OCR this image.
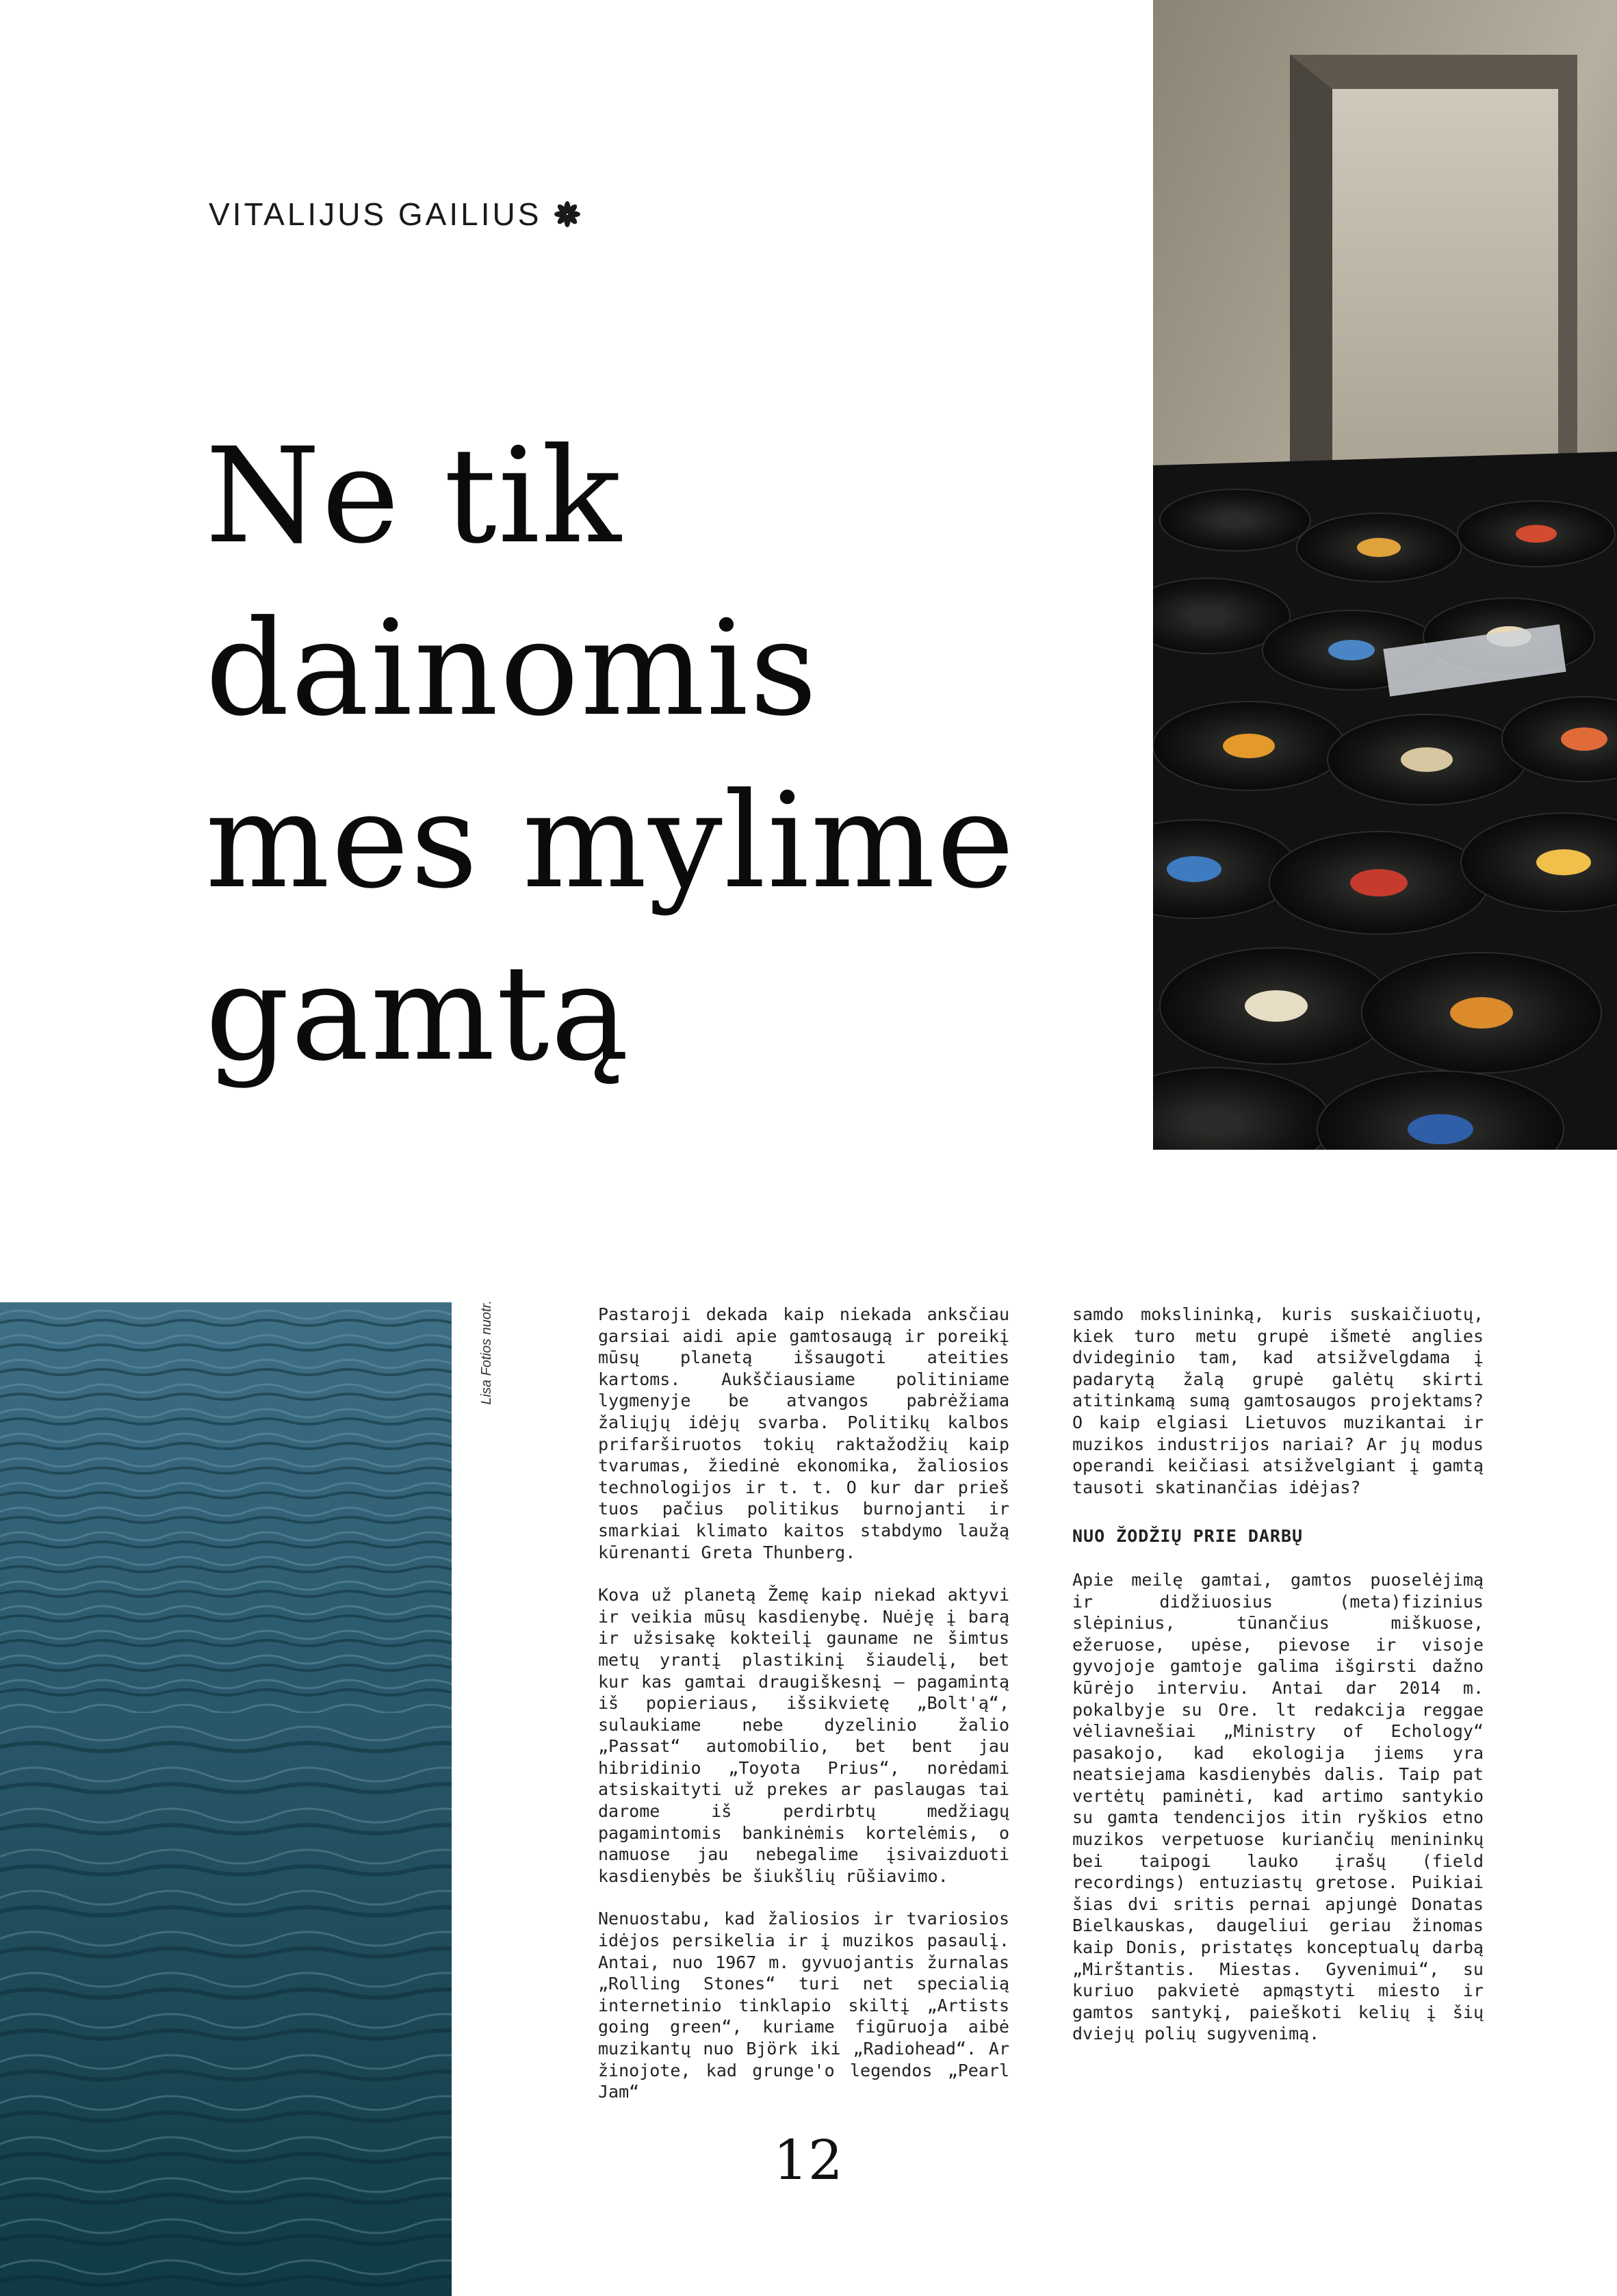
VITALIJUS GAILIUS
Ne tik
dainomis
mes mylime
gamtą
Lisa Fotios nuotr.	Pastaroji dekada kaip niekada anksčiau garsiai aidi apie gamtosaugą ir poreikį mūsų planetą išsaugoti ateities kartoms. Aukščiausiame politiniame lygmenyje be atvangos pabrėžiama žaliųjų idėjų svarba. Politikų kalbos prifarširuotos tokių raktažodžių kaip tvarumas, žiedinė ekonomika, žaliosios technologijos ir t. t. O kur dar prieš tuos pačius politikus burnojanti ir smarkiai klimato kaitos stabdymo laužą kūrenanti Greta Thunberg.

Kova už planetą Žemę kaip niekad aktyvi ir veikia mūsų kasdienybę. Nuėję į barą ir užsisakę kokteilį gauname ne šimtus metų yrantį plastikinį šiaudelį, bet kur kas gamtai draugiškesnį – pagamintą iš popieriaus, išsikvietę „Bolt'ą“, sulaukiame nebe dyzelinio žalio „Passat“ automobilio, bet bent jau hibridinio „Toyota Prius“, norėdami atsiskaityti už prekes ar paslaugas tai darome iš perdirbtų medžiagų pagamintomis bankinėmis kortelėmis, o namuose jau nebegalime įsivaizduoti kasdienybės be šiukšlių rūšiavimo.

Nenuostabu, kad žaliosios ir tvariosios idėjos persikelia ir į muzikos pasaulį. Antai, nuo 1967 m. gyvuojantis žurnalas „Rolling Stones“ turi net specialią internetinio tinklapio skiltį „Artists going green“, kuriame figūruoja aibė muzikantų nuo Björk iki „Radiohead“. Ar žinojote, kad grunge'o legendos „Pearl Jam“

samdo mokslininką, kuris suskaičiuotų, kiek turo metu grupė išmetė anglies dvideginio tam, kad atsižvelgdama į padarytą žalą grupė galėtų skirti atitinkamą sumą gamtosaugos projektams? O kaip elgiasi Lietuvos muzikantai ir muzikos industrijos nariai? Ar jų modus operandi keičiasi atsižvelgiant į gamtą tausoti skatinančias idėjas?

NUO ŽODŽIŲ PRIE DARBŲ

Apie meilę gamtai, gamtos puoselėjimą ir didžiuosius (meta)fizinius slėpinius, tūnančius miškuose, ežeruose, upėse, pievose ir visoje gyvojoje gamtoje galima išgirsti dažno kūrėjo interviu. Antai dar 2014 m. pokalbyje su Ore. lt redakcija reggae vėliavnešiai „Ministry of Echology“ pasakojo, kad ekologija jiems yra neatsiejama kasdienybės dalis. Taip pat vertėtų paminėti, kad artimo santykio su gamta tendencijos itin ryškios etno muzikos verpetuose kuriančių menininkų bei taipogi lauko įrašų (field recordings) entuziastų gretose. Puikiai šias dvi sritis pernai apjungė Donatas Bielkauskas, daugeliui geriau žinomas kaip Donis, pristatęs konceptualų darbą „Mirštantis. Miestas. Gyvenimui“, su kuriuo pakvietė apmąstyti miesto ir gamtos santykį, paieškoti kelių į šių dviejų polių sugyvenimą.

12
